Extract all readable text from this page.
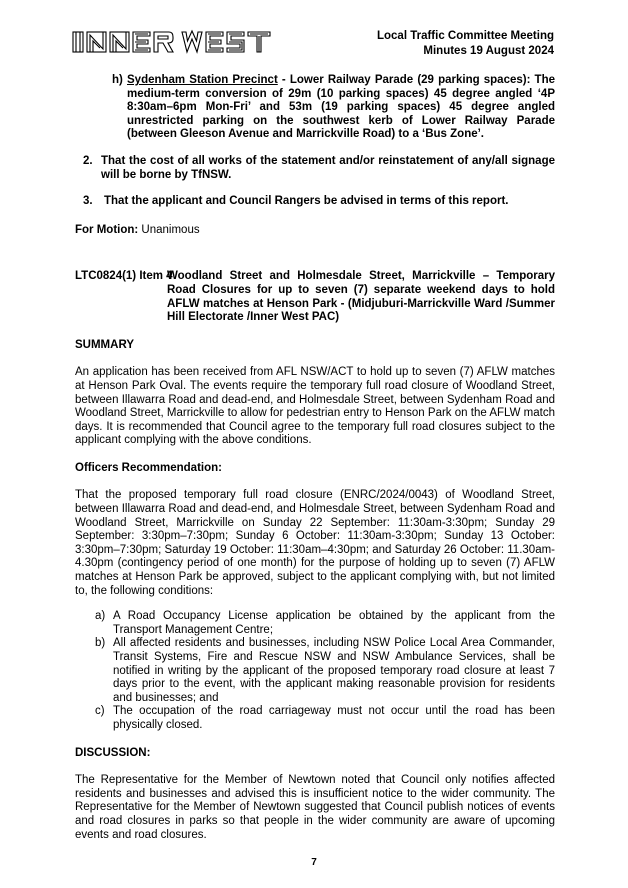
INNER WEST
Local Traffic Committee Meeting
Minutes 19 August 2024
h) Sydenham Station Precinct - Lower Railway Parade (29 parking spaces): The medium-term conversion of 29m (10 parking spaces) 45 degree angled ‘4P 8:30am–6pm Mon-Fri’ and 53m (19 parking spaces) 45 degree angled unrestricted parking on the southwest kerb of Lower Railway Parade (between Gleeson Avenue and Marrickville Road) to a ‘Bus Zone’.
2. That the cost of all works of the statement and/or reinstatement of any/all signage will be borne by TfNSW.
3. That the applicant and Council Rangers be advised in terms of this report.
For Motion: Unanimous
LTC0824(1) Item 4
Woodland Street and Holmesdale Street, Marrickville – Temporary Road Closures for up to seven (7) separate weekend days to hold AFLW matches at Henson Park - (Midjuburi-Marrickville Ward /Summer Hill Electorate /Inner West PAC)
SUMMARY
An application has been received from AFL NSW/ACT to hold up to seven (7) AFLW matches at Henson Park Oval. The events require the temporary full road closure of Woodland Street, between Illawarra Road and dead-end, and Holmesdale Street, between Sydenham Road and Woodland Street, Marrickville to allow for pedestrian entry to Henson Park on the AFLW match days. It is recommended that Council agree to the temporary full road closures subject to the applicant complying with the above conditions.
Officers Recommendation:
That the proposed temporary full road closure (ENRC/2024/0043) of Woodland Street, between Illawarra Road and dead-end, and Holmesdale Street, between Sydenham Road and Woodland Street, Marrickville on Sunday 22 September: 11:30am-3:30pm; Sunday 29 September: 3:30pm–7:30pm; Sunday 6 October: 11:30am-3:30pm; Sunday 13 October: 3:30pm–7:30pm; Saturday 19 October: 11:30am–4:30pm; and Saturday 26 October: 11.30am-4.30pm (contingency period of one month) for the purpose of holding up to seven (7) AFLW matches at Henson Park be approved, subject to the applicant complying with, but not limited to, the following conditions:
a) A Road Occupancy License application be obtained by the applicant from the Transport Management Centre;
b) All affected residents and businesses, including NSW Police Local Area Commander, Transit Systems, Fire and Rescue NSW and NSW Ambulance Services, shall be notified in writing by the applicant of the proposed temporary road closure at least 7 days prior to the event, with the applicant making reasonable provision for residents and businesses; and
c) The occupation of the road carriageway must not occur until the road has been physically closed.
DISCUSSION:
The Representative for the Member of Newtown noted that Council only notifies affected residents and businesses and advised this is insufficient notice to the wider community. The Representative for the Member of Newtown suggested that Council publish notices of events and road closures in parks so that people in the wider community are aware of upcoming events and road closures.
7
